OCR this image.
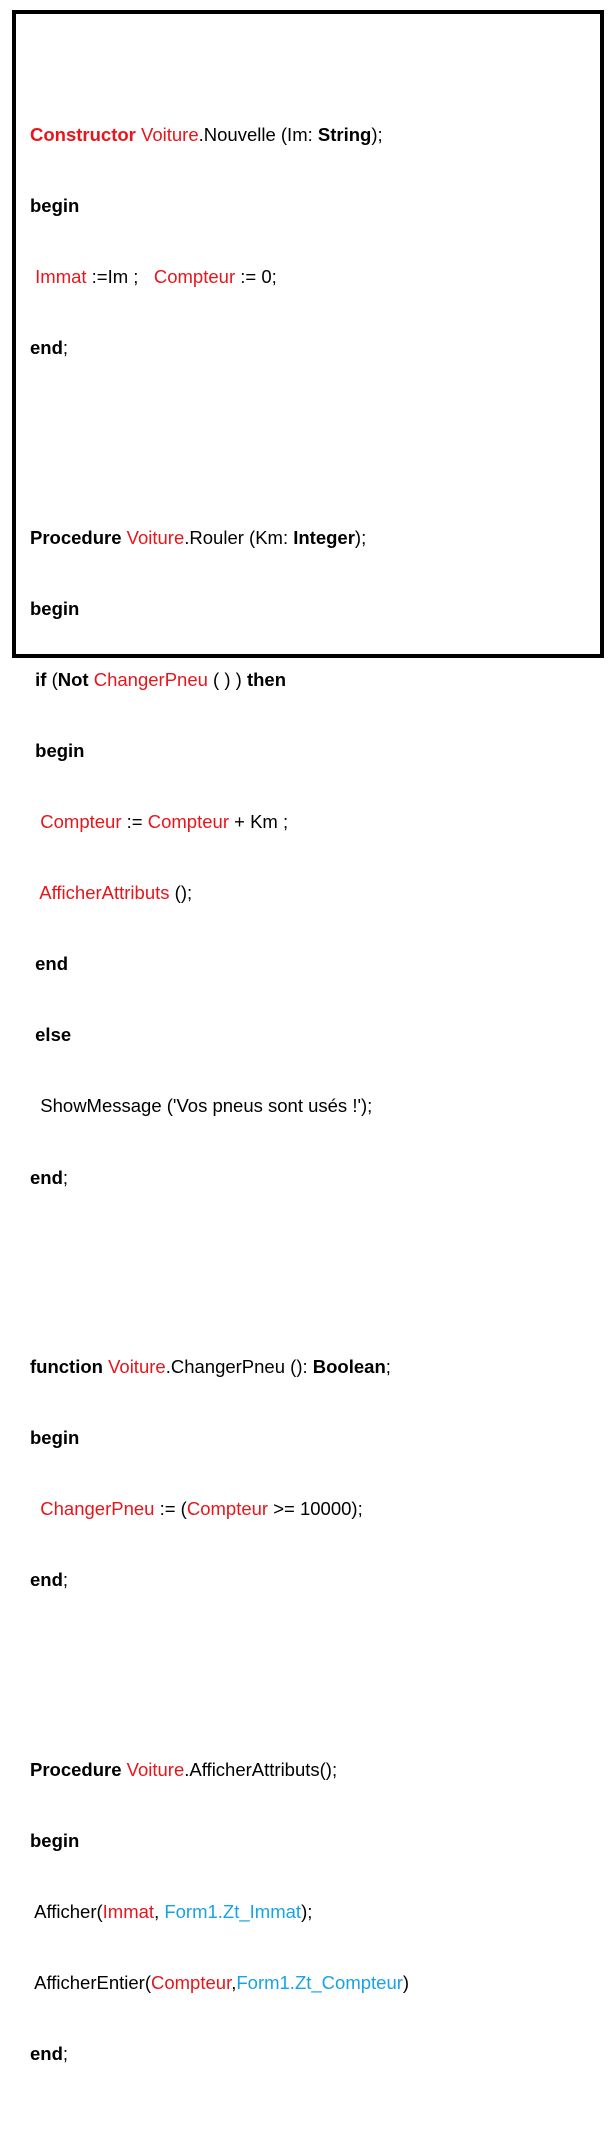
Constructor Voiture.Nouvelle (Im: String);

begin

Immat :=Im ;   Compteur := 0;

end;

Procedure Voiture.Rouler (Km: Integer);

begin

if (Not ChangerPneu ( ) ) then

begin

Compteur := Compteur + Km ;

AfficherAttributs ();

end

else

ShowMessage ('Vos pneus sont usés !');

end;

function Voiture.ChangerPneu (): Boolean;

begin

ChangerPneu := (Compteur >= 10000);

end;

Procedure Voiture.AfficherAttributs();

begin

Afficher(Immat, Form1.Zt_Immat);

AfficherEntier(Compteur,Form1.Zt_Compteur)

end;
